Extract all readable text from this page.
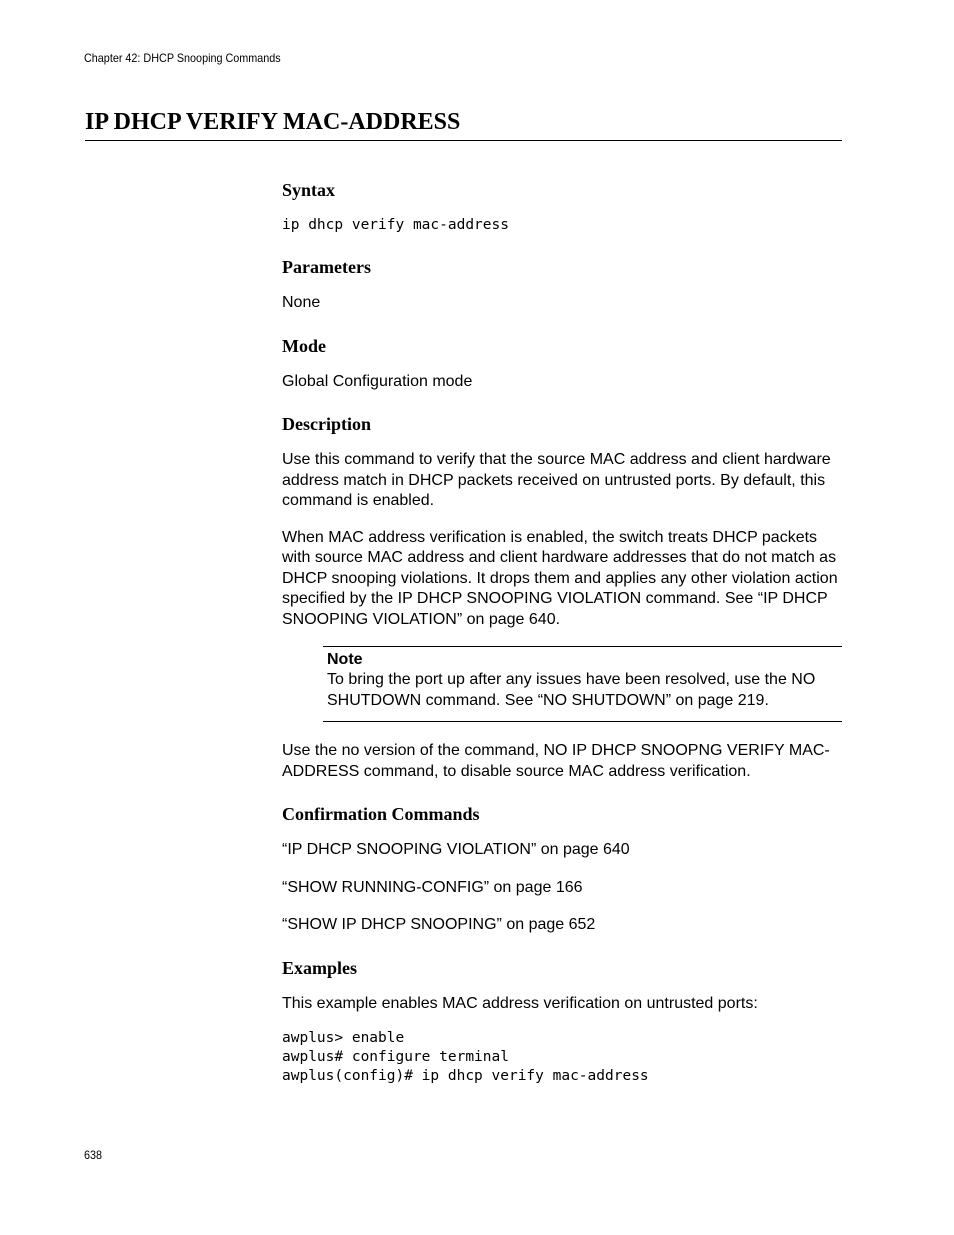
Chapter 42: DHCP Snooping Commands
IP DHCP VERIFY MAC-ADDRESS
Syntax

ip dhcp verify mac-address

Parameters

None

Mode

Global Configuration mode

Description

Use this command to verify that the source MAC address and client hardware address match in DHCP packets received on untrusted ports. By default, this command is enabled.

When MAC address verification is enabled, the switch treats DHCP packets with source MAC address and client hardware addresses that do not match as DHCP snooping violations. It drops them and applies any other violation action specified by the IP DHCP SNOOPING VIOLATION command. See “IP DHCP SNOOPING VIOLATION” on page 640.

Note

To bring the port up after any issues have been resolved, use the NO SHUTDOWN command. See “NO SHUTDOWN” on page 219.

Use the no version of the command, NO IP DHCP SNOOPNG VERIFY MAC-ADDRESS command, to disable source MAC address verification.

Confirmation Commands

“IP DHCP SNOOPING VIOLATION” on page 640

“SHOW RUNNING-CONFIG” on page 166

“SHOW IP DHCP SNOOPING” on page 652

Examples

This example enables MAC address verification on untrusted ports:

awplus> enable

awplus# configure terminal

awplus(config)# ip dhcp verify mac-address

638
